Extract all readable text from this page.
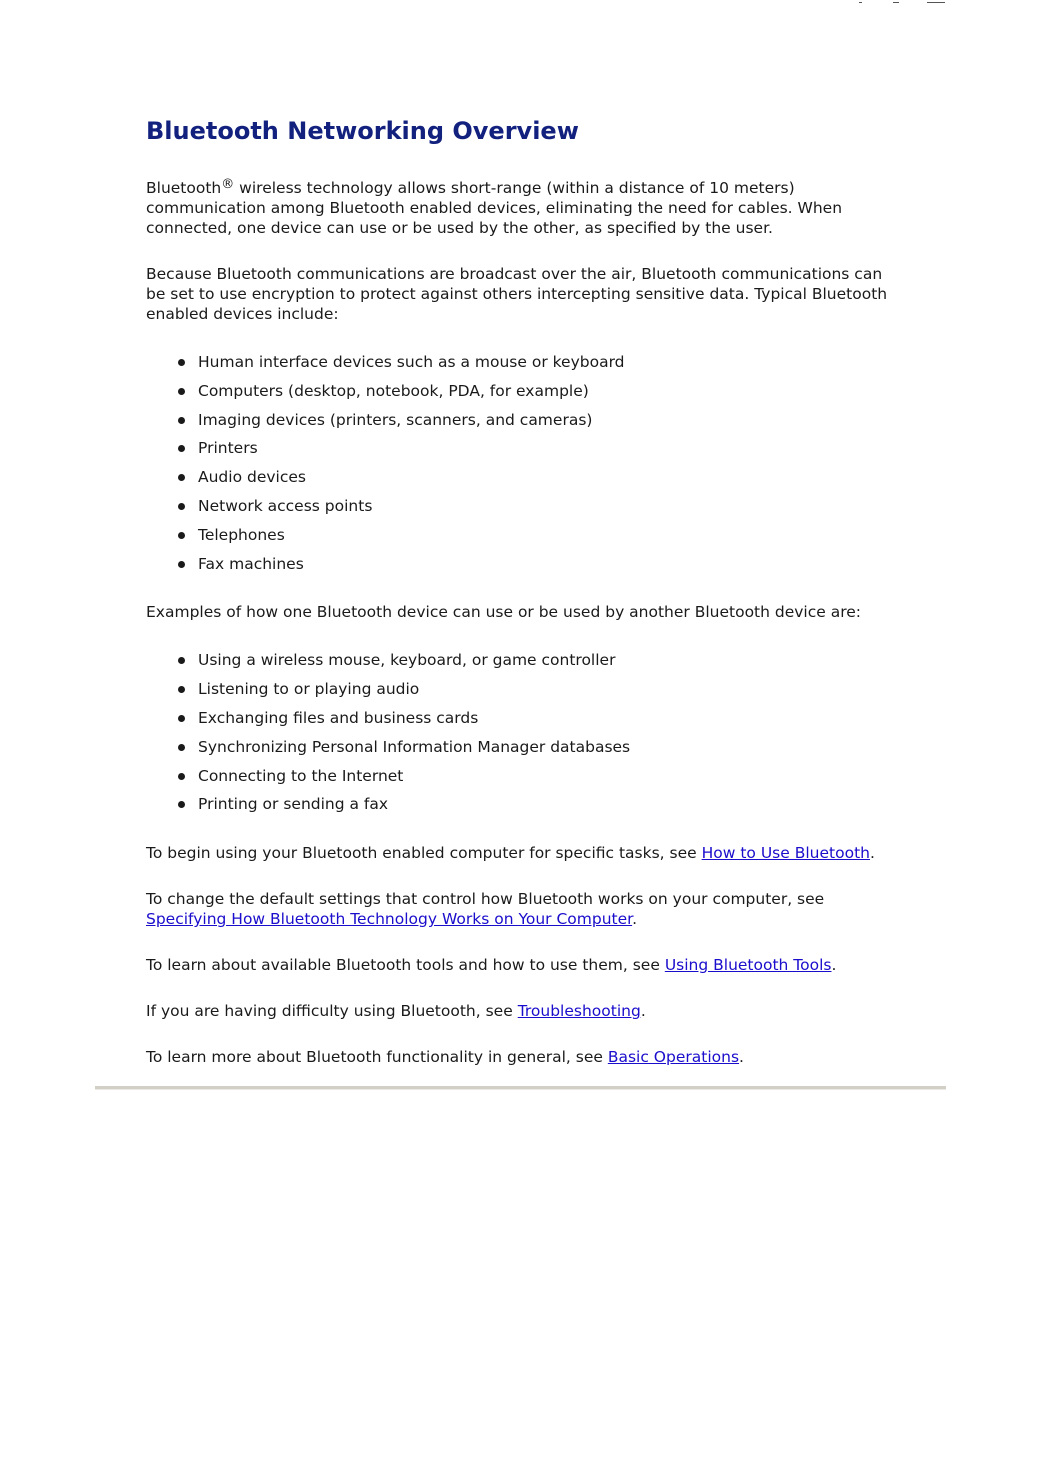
Bluetooth Networking Overview

Bluetooth® wireless technology allows short-range (within a distance of 10 meters) communication among Bluetooth enabled devices, eliminating the need for cables. When connected, one device can use or be used by the other, as specified by the user.

Because Bluetooth communications are broadcast over the air, Bluetooth communications can be set to use encryption to protect against others intercepting sensitive data. Typical Bluetooth enabled devices include:

Human interface devices such as a mouse or keyboard
Computers (desktop, notebook, PDA, for example)
Imaging devices (printers, scanners, and cameras)
Printers
Audio devices
Network access points
Telephones
Fax machines

Examples of how one Bluetooth device can use or be used by another Bluetooth device are:

Using a wireless mouse, keyboard, or game controller
Listening to or playing audio
Exchanging files and business cards
Synchronizing Personal Information Manager databases
Connecting to the Internet
Printing or sending a fax

To begin using your Bluetooth enabled computer for specific tasks, see How to Use Bluetooth.

To change the default settings that control how Bluetooth works on your computer, see Specifying How Bluetooth Technology Works on Your Computer.

To learn about available Bluetooth tools and how to use them, see Using Bluetooth Tools.

If you are having difficulty using Bluetooth, see Troubleshooting.

To learn more about Bluetooth functionality in general, see Basic Operations.
